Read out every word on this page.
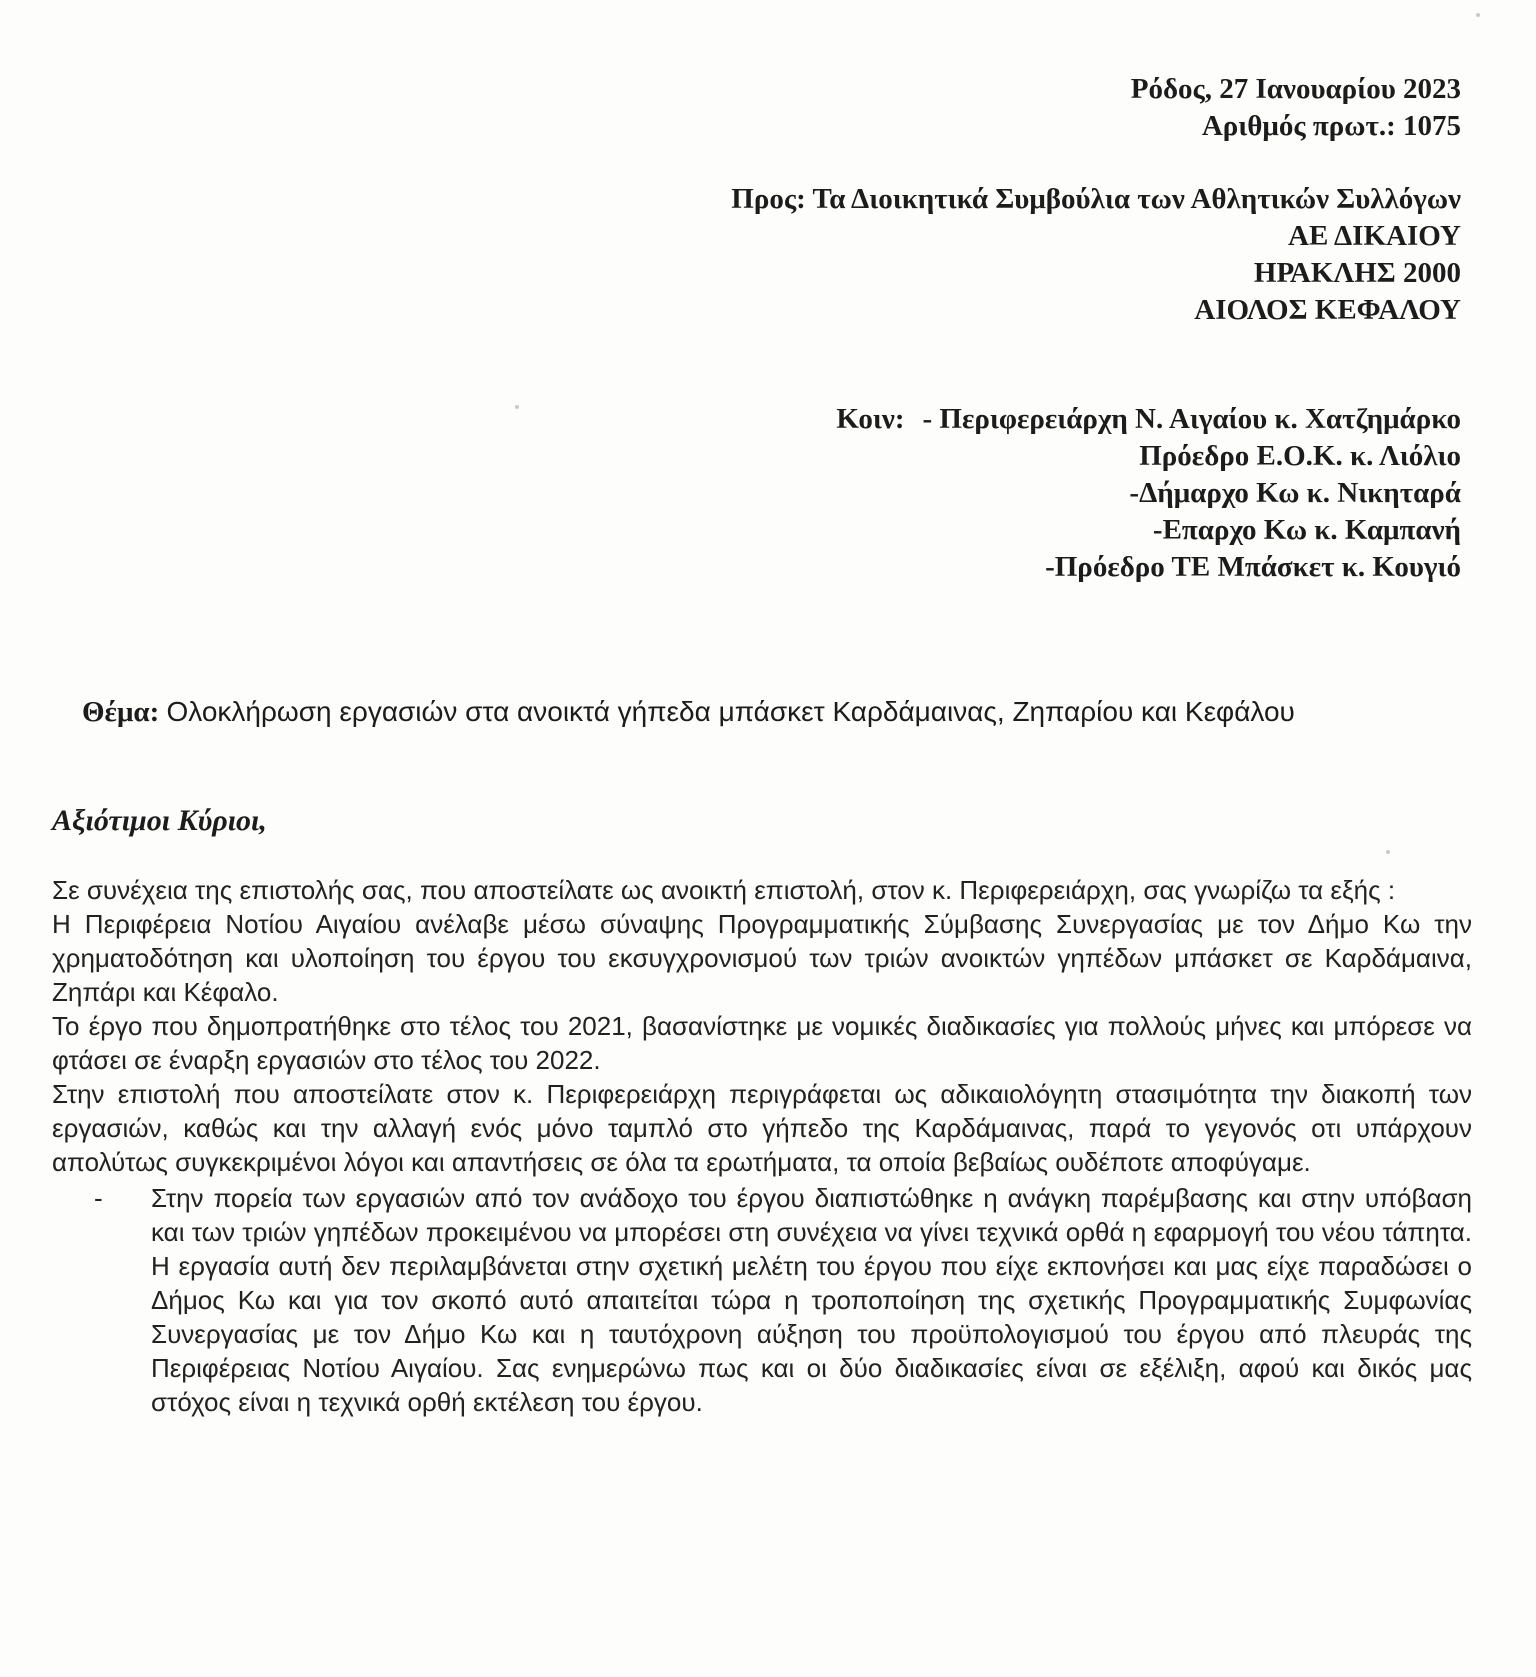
Ρόδος, 27 Ιανουαρίου 2023
Αριθμός πρωτ.: 1075
Προς: Τα Διοικητικά Συμβούλια των Αθλητικών Συλλόγων
ΑΕ ΔΙΚΑΙΟΥ
ΗΡΑΚΛΗΣ 2000
ΑΙΟΛΟΣ ΚΕΦΑΛΟΥ
Κοιν: - Περιφερειάρχη Ν. Αιγαίου κ. Χατζημάρκο
Πρόεδρο Ε.Ο.Κ. κ. Λιόλιο
-Δήμαρχο Κω κ. Νικηταρά
-Επαρχο Κω κ. Καμπανή
-Πρόεδρο ΤΕ Μπάσκετ κ. Κουγιό
Θέμα: Ολοκλήρωση εργασιών στα ανοικτά γήπεδα μπάσκετ Καρδάμαινας, Ζηπαρίου και Κεφάλου
Αξιότιμοι Κύριοι,

Σε συνέχεια της επιστολής σας, που αποστείλατε ως ανοικτή επιστολή, στον κ. Περιφερειάρχη, σας γνωρίζω τα εξής :

Η Περιφέρεια Νοτίου Αιγαίου ανέλαβε μέσω σύναψης Προγραμματικής Σύμβασης Συνεργασίας με τον Δήμο Κω την χρηματοδότηση και υλοποίηση του έργου του εκσυγχρονισμού των τριών ανοικτών γηπέδων μπάσκετ σε Καρδάμαινα, Ζηπάρι και Κέφαλο.

Το έργο που δημοπρατήθηκε στο τέλος του 2021, βασανίστηκε με νομικές διαδικασίες για πολλούς μήνες και μπόρεσε να φτάσει σε έναρξη εργασιών στο τέλος του 2022.

Στην επιστολή που αποστείλατε στον κ. Περιφερειάρχη περιγράφεται ως αδικαιολόγητη στασιμότητα την διακοπή των εργασιών, καθώς και την αλλαγή ενός μόνο ταμπλό στο γήπεδο της Καρδάμαινας, παρά το γεγονός οτι υπάρχουν απολύτως συγκεκριμένοι λόγοι και απαντήσεις σε όλα τα ερωτήματα, τα οποία βεβαίως ουδέποτε αποφύγαμε.

-	Στην πορεία των εργασιών από τον ανάδοχο του έργου διαπιστώθηκε η ανάγκη παρέμβασης και στην υπόβαση και των τριών γηπέδων προκειμένου να μπορέσει στη συνέχεια να γίνει τεχνικά ορθά η εφαρμογή του νέου τάπητα. Η εργασία αυτή δεν περιλαμβάνεται στην σχετική μελέτη του έργου που είχε εκπονήσει και μας είχε παραδώσει ο Δήμος Κω και για τον σκοπό αυτό απαιτείται τώρα η τροποποίηση της σχετικής Προγραμματικής Συμφωνίας Συνεργασίας με τον Δήμο Κω και η ταυτόχρονη αύξηση του προϋπολογισμού του έργου από πλευράς της Περιφέρειας Νοτίου Αιγαίου. Σας ενημερώνω πως και οι δύο διαδικασίες είναι σε εξέλιξη, αφού και δικός μας στόχος είναι η τεχνικά ορθή εκτέλεση του έργου.
